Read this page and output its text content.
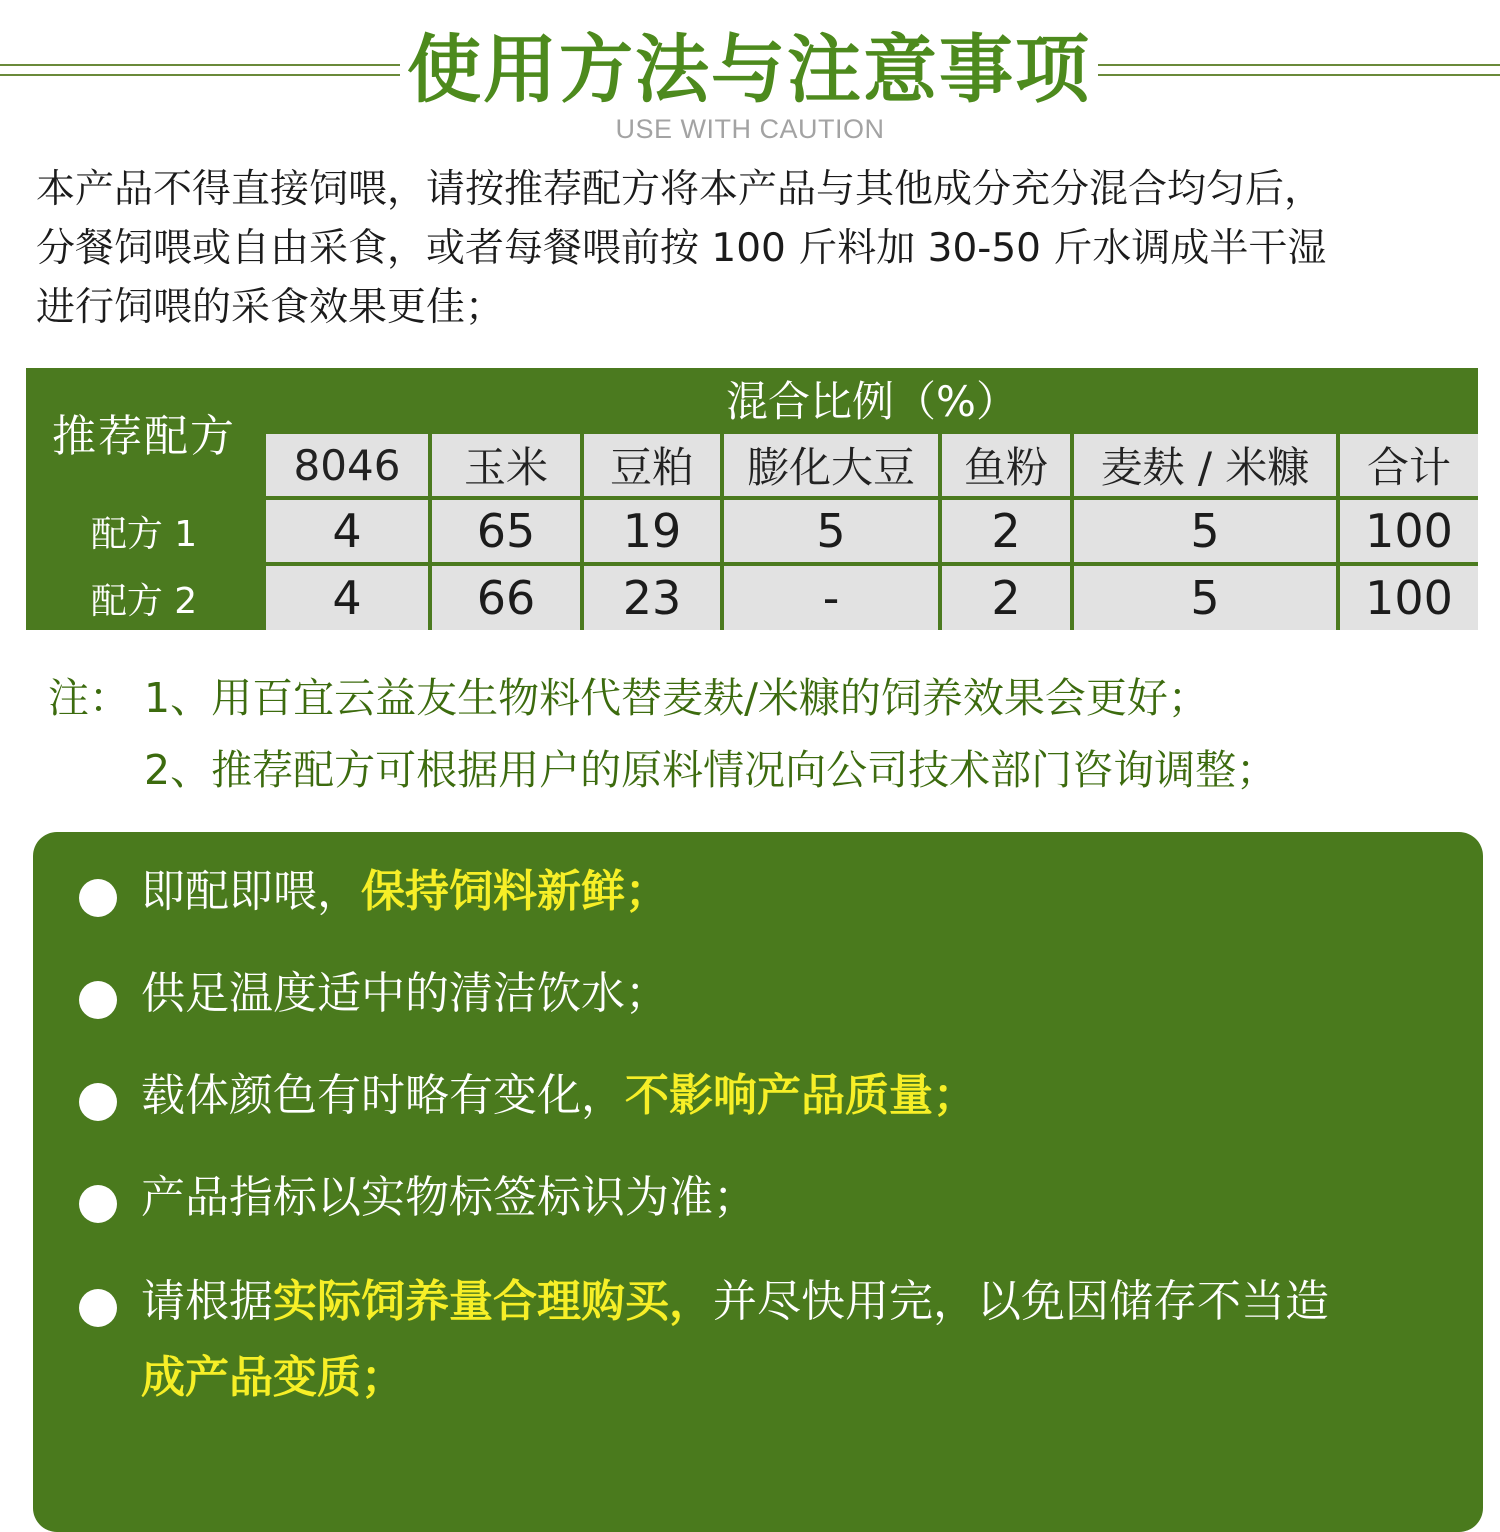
使用方法与注意事项
USE WITH CAUTION
本产品不得直接饲喂，请按推荐配方将本产品与其他成分充分混合均匀后，
分餐饲喂或自由采食，或者每餐喂前按 100 斤料加 30-50 斤水调成半干湿
进行饲喂的采食效果更佳；
推荐配方
混合比例（%）
8046	玉米	豆粕	膨化大豆	鱼粉	麦麸 / 米糠	合计
配方 1	4	65	19	5	2	5	100
配方 2	4	66	23	-	2	5	100
注： 1、用百宜云益友生物料代替麦麸/米糠的饲养效果会更好；
2、推荐配方可根据用户的原料情况向公司技术部门咨询调整；
即配即喂，保持饲料新鲜；
供足温度适中的清洁饮水；
载体颜色有时略有变化，不影响产品质量；
产品指标以实物标签标识为准；
请根据实际饲养量合理购买，并尽快用完，以免因储存不当造
成产品变质；
